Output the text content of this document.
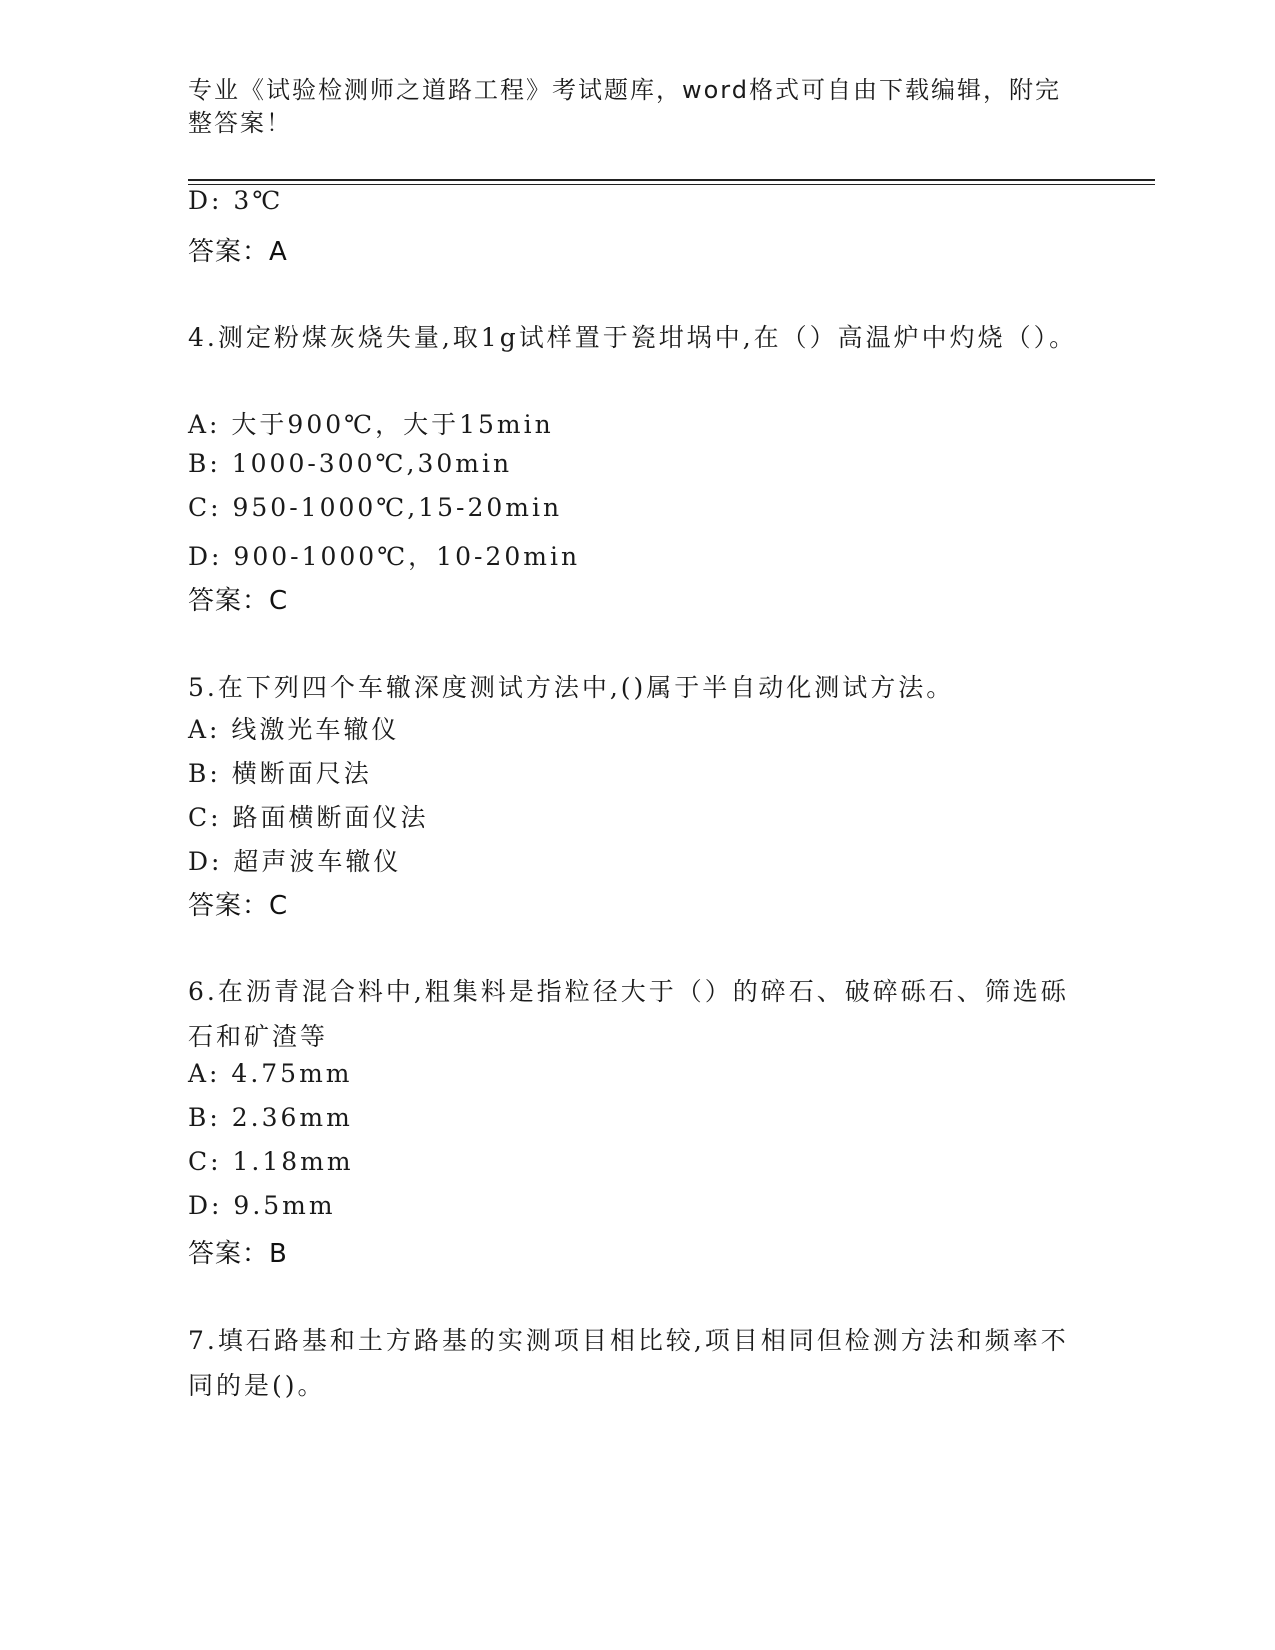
专业《试验检测师之道路工程》考试题库，word格式可自由下载编辑，附完整答案！
D: 3℃
答案：A
4.测定粉煤灰烧失量,取1g试样置于瓷坩埚中,在（）高温炉中灼烧（）。
A: 大于900℃，大于15min
B: 1000-300℃,30min
C: 950-1000℃,15-20min
D: 900-1000℃，10-20min
答案：C
5.在下列四个车辙深度测试方法中,()属于半自动化测试方法。
A: 线激光车辙仪
B: 横断面尺法
C: 路面横断面仪法
D: 超声波车辙仪
答案：C
6.在沥青混合料中,粗集料是指粒径大于（）的碎石、破碎砾石、筛选砾石和矿渣等
A: 4.75mm
B: 2.36mm
C: 1.18mm
D: 9.5mm
答案：B
7.填石路基和土方路基的实测项目相比较,项目相同但检测方法和频率不同的是()。
